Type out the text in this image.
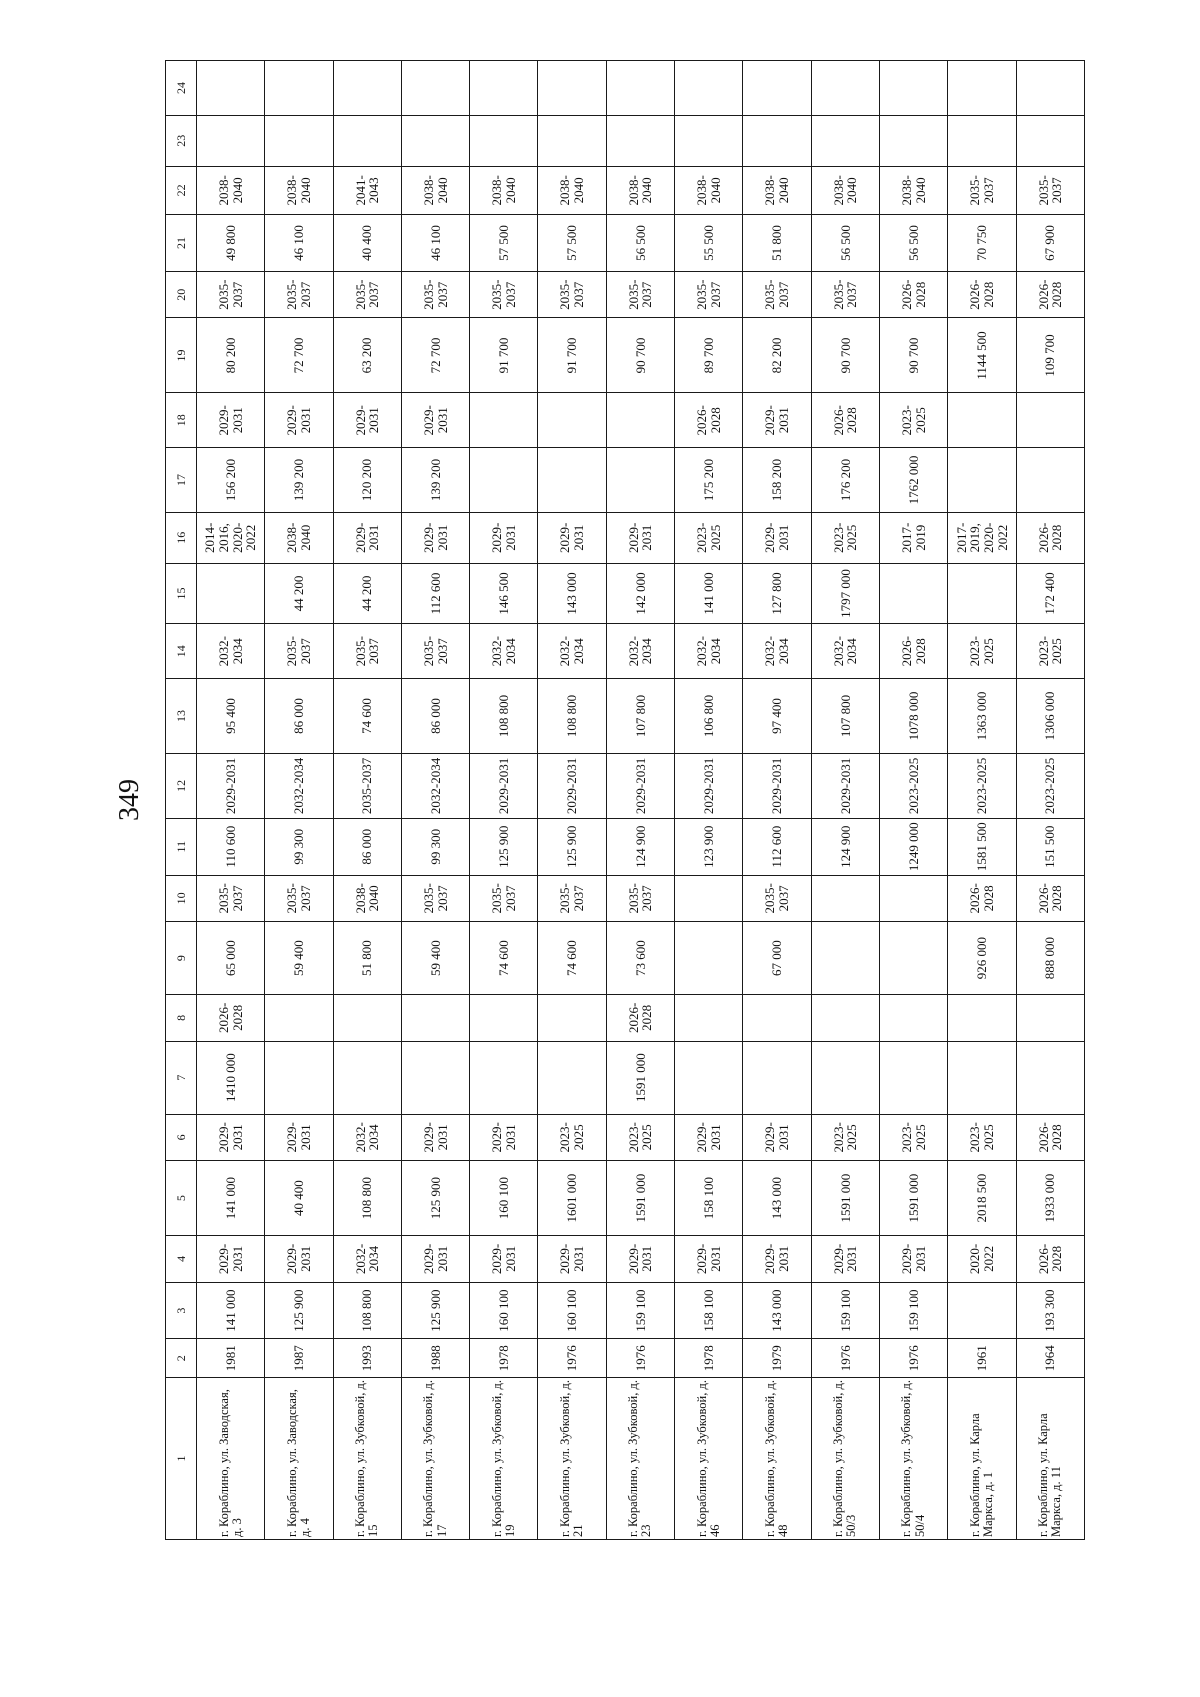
349
1	2	3	4	5	6	7	8	9	10	11	12	13	14	15	16	17	18	19	20	21	22	23	24
г. Кораблино, ул. Заводская, д. 3	1981	141 000	2029-2031	141 000	2029-2031	1410 000	2026-2028	65 000	2035-2037	110 600	2029-2031	95 400	2032-2034		2014-2016, 2020-2022	156 200	2029-2031	80 200	2035-2037	49 800	2038-2040		
г. Кораблино, ул. Заводская, д. 4	1987	125 900	2029-2031	40 400	2029-2031			59 400	2035-2037	99 300	2032-2034	86 000	2035-2037	44 200	2038-2040	139 200	2029-2031	72 700	2035-2037	46 100	2038-2040		
г. Кораблино, ул. Зубковой, д. 15	1993	108 800	2032-2034	108 800	2032-2034			51 800	2038-2040	86 000	2035-2037	74 600	2035-2037	44 200	2029-2031	120 200	2029-2031	63 200	2035-2037	40 400	2041-2043		
г. Кораблино, ул. Зубковой, д. 17	1988	125 900	2029-2031	125 900	2029-2031			59 400	2035-2037	99 300	2032-2034	86 000	2035-2037	112 600	2029-2031	139 200	2029-2031	72 700	2035-2037	46 100	2038-2040		
г. Кораблино, ул. Зубковой, д. 19	1978	160 100	2029-2031	160 100	2029-2031			74 600	2035-2037	125 900	2029-2031	108 800	2032-2034	146 500	2029-2031			91 700	2035-2037	57 500	2038-2040		
г. Кораблино, ул. Зубковой, д. 21	1976	160 100	2029-2031	1601 000	2023-2025			74 600	2035-2037	125 900	2029-2031	108 800	2032-2034	143 000	2029-2031			91 700	2035-2037	57 500	2038-2040		
г. Кораблино, ул. Зубковой, д. 23	1976	159 100	2029-2031	1591 000	2023-2025	1591 000	2026-2028	73 600	2035-2037	124 900	2029-2031	107 800	2032-2034	142 000	2029-2031			90 700	2035-2037	56 500	2038-2040		
г. Кораблино, ул. Зубковой, д. 46	1978	158 100	2029-2031	158 100	2029-2031					123 900	2029-2031	106 800	2032-2034	141 000	2023-2025	175 200	2026-2028	89 700	2035-2037	55 500	2038-2040		
г. Кораблино, ул. Зубковой, д. 48	1979	143 000	2029-2031	143 000	2029-2031			67 000	2035-2037	112 600	2029-2031	97 400	2032-2034	127 800	2029-2031	158 200	2029-2031	82 200	2035-2037	51 800	2038-2040		
г. Кораблино, ул. Зубковой, д. 50/3	1976	159 100	2029-2031	1591 000	2023-2025					124 900	2029-2031	107 800	2032-2034	1797 000	2023-2025	176 200	2026-2028	90 700	2035-2037	56 500	2038-2040		
г. Кораблино, ул. Зубковой, д. 50/4	1976	159 100	2029-2031	1591 000	2023-2025					1249 000	2023-2025	1078 000	2026-2028		2017-2019	1762 000	2023-2025	90 700	2026-2028	56 500	2038-2040		
г. Кораблино, ул. Карла Маркса, д. 1	1961		2020-2022	2018 500	2023-2025			926 000	2026-2028	1581 500	2023-2025	1363 000	2023-2025		2017-2019, 2020-2022			1144 500	2026-2028	70 750	2035-2037		
г. Кораблино, ул. Карла Маркса, д. 11	1964	193 300	2026-2028	1933 000	2026-2028			888 000	2026-2028	151 500	2023-2025	1306 000	2023-2025	172 400	2026-2028			109 700	2026-2028	67 900	2035-2037		
